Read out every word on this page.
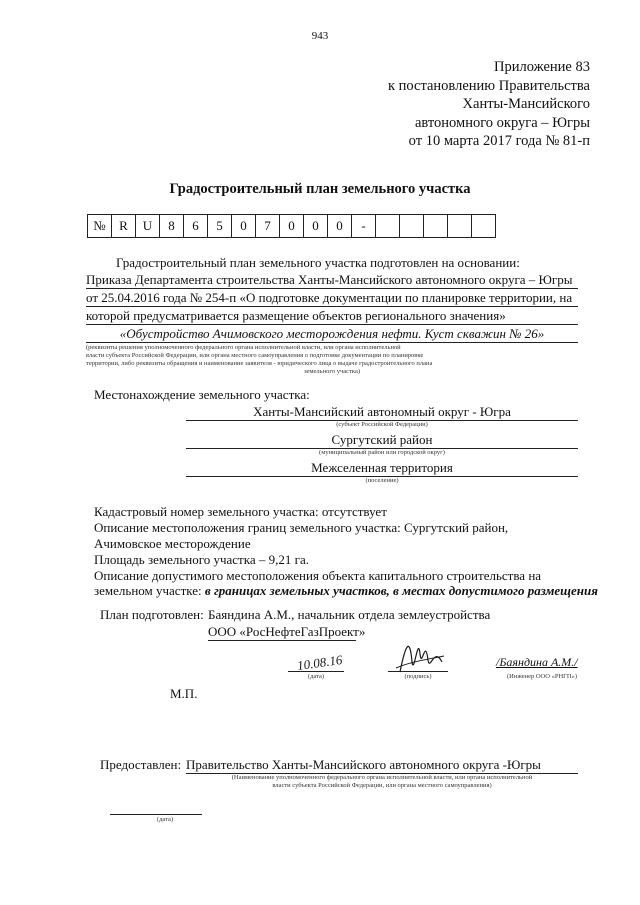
943
Приложение 83
к постановлению Правительства
Ханты-Мансийского
автономного округа – Югры
от 10 марта 2017 года № 81-п
Градостроительный план земельного участка
№	R	U	8	6	5	0	7	0	0	0	-					
Градостроительный план земельного участка подготовлен на основании:
Приказа Департамента строительства Ханты-Мансийского автономного округа – Югры
от 25.04.2016 года № 254-п «О подготовке документации по планировке территории, на
которой предусматривается размещение объектов регионального значения»
«Обустройство Ачимовского месторождения нефти. Куст скважин № 26»
(реквизиты решения уполномоченного федерального органа исполнительной власти, или органа исполнительной
власти субъекта Российской Федерации, или органа местного самоуправления о подготовке документации по планировке
территории, либо реквизиты обращения и наименование заявителя - юридического лица о выдаче градостроительного плана
земельного участка)
Местонахождение земельного участка:
Ханты-Мансийский автономный округ - Югра
(субъект Российской Федерации)
Сургутский район
(муниципальный район или городской округ)
Межселенная территория
(поселение)
Кадастровый номер земельного участка: отсутствует
Описание местоположения границ земельного участка: Сургутский район,
Ачимовское месторождение
Площадь земельного участка – 9,21 га.
Описание допустимого местоположения объекта капитального строительства на
земельном участке: в границах земельных участков, в местах допустимого размещения
План подготовлен: Баяндина А.М., начальник отдела землеустройства
ООО «РосНефтеГазПроект»
10.08.16
(дата)	(подпись)
/Баяндина А.М./
(Инженер ООО «РНГП»)
М.П.
Предоставлен: Правительство Ханты-Мансийского автономного округа -Югры
(Наименование уполномоченного федерального органа исполнительной власти, или органа исполнительной
власти субъекта Российской Федерации, или органа местного самоуправления)
(дата)
